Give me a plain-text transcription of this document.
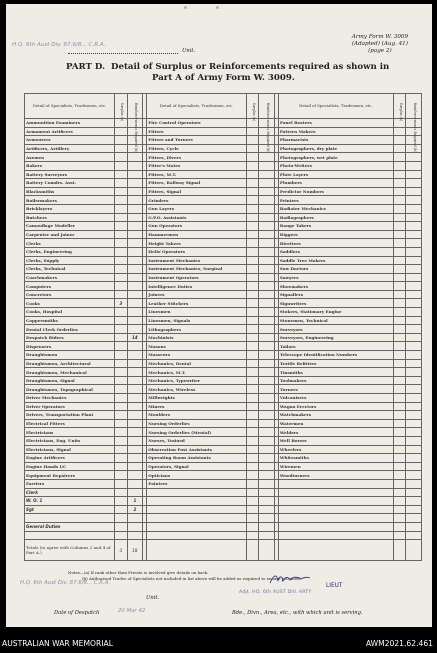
H.Q. 6th Aust Div. 87.6/8... C.R.A.
Unit.
Army Form W. 3009
(Adapted) (Aug. 41)
(page 2)
PART D. Detail of Surplus or Reinforcements required as shown in
Part A of Army Form W. 3009.
Detail of Specialists, Tradesmen, etc.	Surplus (a)	Reinforce-ments Required (b)		Detail of Specialists, Tradesmen, etc.	Surplus (a)	Reinforce-ments Required (b)		Detail of Specialists, Tradesmen, etc.	Surplus (a)	Reinforce-ments Required (b)

Ammunition Examiners				Fire Control Operators				Panel Beaters		
Armament Artificers				Fitters				Pattern Makers		
Armourers				Fitters and Turners				Pharmacists		
Artificers, Artillery				Fitters, Cycle				Photographers, dry plate		
Axemen				Fitters, Divers				Photographers, wet plate		
Bakers				Fitter's Mates				Photo-Writers		
Battery Surveyors				Fitters, M.T.				Plate Layers		
Battery Comdrs. Asst.				Fitters, Railway Signal				Plumbers		
Blacksmiths				Fitters, Signal				Predictor Numbers		
Boilermakers				Grinders				Printers		
Bricklayers				Gun Layers				Radiator Mechanics		
Butchers				G.P.O. Assistants				Radiographers		
Camouflage Modeller				Gun Operators				Range Takers		
Carpenter and Joiner				Hammermen				Riggers		
Clerks				Height Takers				Rivetters		
Clerks, Engineering				Helio Operators				Saddlers		
Clerks, Supply				Instrument Mechanics				Saddle Tree Makers		
Clerks, Technical				Instrument Mechanics, Surgical				Saw Doctors		
Coachmakers				Instrument Operators				Sawyers		
Computers				Intelligence Duties				Shoemakers		
Concretors				Joiners				Signallers		
Cooks	3			Leather Stitchers				Signwriters		
Cooks, Hospital				Linesmen				Stokers, Stationary Engine		
Coppersmiths				Linesmen, Signals				Stonemen, Technical		
Dental Clerk Orderlies				Lithographers				Surveyors		
Despatch Riders		14		Machinists				Surveyors, Engineering		
Dispensers				Masons				Tailors		
Draughtsmen				Masseurs				Telescope Identification Numbers		
Draughtsmen, Architectural				Mechanics, Dental				Textile Refitters		
Draughtsmen, Mechanical				Mechanics, M.T.				Tinsmiths		
Draughtsmen, Signal				Mechanics, Typewriter				Toolmakers		
Draughtsmen, Topographical				Mechanics, Wireless				Turners		
Driver Mechanics				Millwrights				Vulcanisers		
Driver Operators				Miners				Wagon Erectors		
Drivers, Transportation Plant				Moulders				Watchmakers		
Electrical Fitters				Nursing Orderlies				Watermen		
Electricians				Nursing Orderlies (Mental)				Welders		
Electricians, Eng. Units				Nurses, Trained				Well Borers		
Electricians, Signal				Observation Post Assistants				Wheelers		
Engine Artificers				Operating Room Assistants				Whitesmiths		
Engine Hands I/C				Operators, Signal				Wiremen		
Equipment Repairers				Opticians				Woodturners		
Farriers				Painters						
Clerk										
W. O. 1		1								
Sgt		2								

General Duties										

Totals (to agree with Columns 2 and 4 of Part A.)	3	18								
Notes—(a) If rank other than Private is involved give details on back.
(b) Authorised Trades of Specialists not included in list above will be added as required to ensure provided.
LIEUT
Adjt. HQ. 6th AUST DIV. ARTY
H.Q. 6th Aust Div. 87.6/8... C.R.A.
Unit.
Date of Despatch	20 Mar 42	Bde., Divn., Area, etc., with which unit is serving.
AUSTRALIAN WAR MEMORIAL	AWM2021.62.461
